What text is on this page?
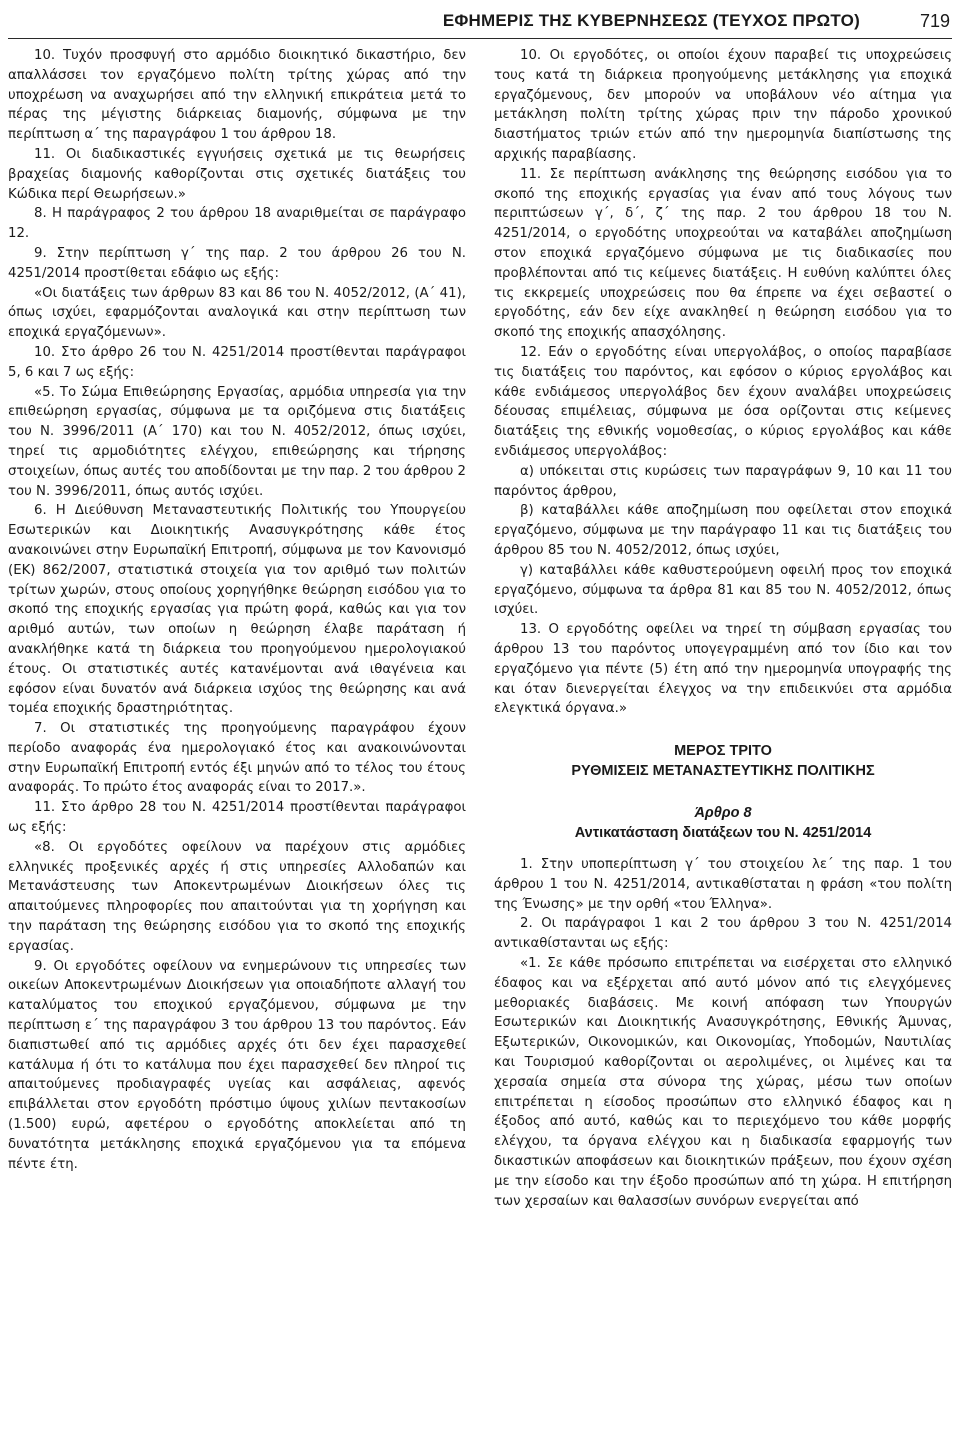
ΕΦΗΜΕΡΙΣ ΤΗΣ ΚΥΒΕΡΝΗΣΕΩΣ (ΤΕΥΧΟΣ ΠΡΩΤΟ)	719

10. Τυχόν προσφυγή στο αρμόδιο διοικητικό δικαστήριο, δεν απαλλάσσει τον εργαζόμενο πολίτη τρίτης χώρας από την υποχρέωση να αναχωρήσει από την ελληνική επικράτεια μετά το πέρας της μέγιστης διάρκειας διαμονής, σύμφωνα με την περίπτωση α΄ της παραγράφου 1 του άρθρου 18.

11. Οι διαδικαστικές εγγυήσεις σχετικά με τις θεωρήσεις βραχείας διαμονής καθορίζονται στις σχετικές διατάξεις του Κώδικα περί Θεωρήσεων.»

8. Η παράγραφος 2 του άρθρου 18 αναριθμείται σε παράγραφο 12.

9. Στην περίπτωση γ΄ της παρ. 2 του άρθρου 26 του Ν. 4251/2014 προστίθεται εδάφιο ως εξής:

«Οι διατάξεις των άρθρων 83 και 86 του Ν. 4052/2012, (Α΄ 41), όπως ισχύει, εφαρμόζονται αναλογικά και στην περίπτωση των εποχικά εργαζόμενων».

10. Στο άρθρο 26 του Ν. 4251/2014 προστίθενται παράγραφοι 5, 6 και 7 ως εξής:

«5. Το Σώμα Επιθεώρησης Εργασίας, αρμόδια υπηρεσία για την επιθεώρηση εργασίας, σύμφωνα με τα οριζόμενα στις διατάξεις του Ν. 3996/2011 (Α΄ 170) και του Ν. 4052/2012, όπως ισχύει, τηρεί τις αρμοδιότητες ελέγχου, επιθεώρησης και τήρησης στοιχείων, όπως αυτές του αποδίδονται με την παρ. 2 του άρθρου 2 του Ν. 3996/2011, όπως αυτός ισχύει.

6. Η Διεύθυνση Μεταναστευτικής Πολιτικής του Υπουργείου Εσωτερικών και Διοικητικής Ανασυγκρότησης κάθε έτος ανακοινώνει στην Ευρωπαϊκή Επιτροπή, σύμφωνα με τον Κανονισμό (ΕΚ) 862/2007, στατιστικά στοιχεία για τον αριθμό των πολιτών τρίτων χωρών, στους οποίους χορηγήθηκε θεώρηση εισόδου για το σκοπό της εποχικής εργασίας για πρώτη φορά, καθώς και για τον αριθμό αυτών, των οποίων η θεώρηση έλαβε παράταση ή ανακλήθηκε κατά τη διάρκεια του προηγούμενου ημερολογιακού έτους. Οι στατιστικές αυτές κατανέμονται ανά ιθαγένεια και εφόσον είναι δυνατόν ανά διάρκεια ισχύος της θεώρησης και ανά τομέα εποχικής δραστηριότητας.

7. Οι στατιστικές της προηγούμενης παραγράφου έχουν περίοδο αναφοράς ένα ημερολογιακό έτος και ανακοινώνονται στην Ευρωπαϊκή Επιτροπή εντός έξι μηνών από το τέλος του έτους αναφοράς. Το πρώτο έτος αναφοράς είναι το 2017.».

11. Στο άρθρο 28 του Ν. 4251/2014 προστίθενται παράγραφοι ως εξής:

«8. Οι εργοδότες οφείλουν να παρέχουν στις αρμόδιες ελληνικές προξενικές αρχές ή στις υπηρεσίες Αλλοδαπών και Μετανάστευσης των Αποκεντρωμένων Διοικήσεων όλες τις απαιτούμενες πληροφορίες που απαιτούνται για τη χορήγηση και την παράταση της θεώρησης εισόδου για το σκοπό της εποχικής εργασίας.

9. Οι εργοδότες οφείλουν να ενημερώνουν τις υπηρεσίες των οικείων Αποκεντρωμένων Διοικήσεων για οποιαδήποτε αλλαγή του καταλύματος του εποχικού εργαζόμενου, σύμφωνα με την περίπτωση ε΄ της παραγράφου 3 του άρθρου 13 του παρόντος. Εάν διαπιστωθεί από τις αρμόδιες αρχές ότι δεν έχει παρασχεθεί κατάλυμα ή ότι το κατάλυμα που έχει παρασχεθεί δεν πληροί τις απαιτούμενες προδιαγραφές υγείας και ασφάλειας, αφενός επιβάλλεται στον εργοδότη πρόστιμο ύψους χιλίων πεντακοσίων (1.500) ευρώ, αφετέρου ο εργοδότης αποκλείεται από τη δυνατότητα μετάκλησης εποχικά εργαζόμενου για τα επόμενα πέντε έτη.

10. Οι εργοδότες, οι οποίοι έχουν παραβεί τις υποχρεώσεις τους κατά τη διάρκεια προηγούμενης μετάκλησης για εποχικά εργαζόμενους, δεν μπορούν να υποβάλουν νέο αίτημα για μετάκληση πολίτη τρίτης χώρας πριν την πάροδο χρονικού διαστήματος τριών ετών από την ημερομηνία διαπίστωσης της αρχικής παραβίασης.

11. Σε περίπτωση ανάκλησης της θεώρησης εισόδου για το σκοπό της εποχικής εργασίας για έναν από τους λόγους των περιπτώσεων γ΄, δ΄, ζ΄ της παρ. 2 του άρθρου 18 του Ν. 4251/2014, ο εργοδότης υποχρεούται να καταβάλει αποζημίωση στον εποχικά εργαζόμενο σύμφωνα με τις διαδικασίες που προβλέπονται από τις κείμενες διατάξεις. Η ευθύνη καλύπτει όλες τις εκκρεμείς υποχρεώσεις που θα έπρεπε να έχει σεβαστεί ο εργοδότης, εάν δεν είχε ανακληθεί η θεώρηση εισόδου για το σκοπό της εποχικής απασχόλησης.

12. Εάν ο εργοδότης είναι υπεργολάβος, ο οποίος παραβίασε τις διατάξεις του παρόντος, και εφόσον ο κύριος εργολάβος και κάθε ενδιάμεσος υπεργολάβος δεν έχουν αναλάβει υποχρεώσεις δέουσας επιμέλειας, σύμφωνα με όσα ορίζονται στις κείμενες διατάξεις της εθνικής νομοθεσίας, ο κύριος εργολάβος και κάθε ενδιάμεσος υπεργολάβος:

α) υπόκειται στις κυρώσεις των παραγράφων 9, 10 και 11 του παρόντος άρθρου,

β) καταβάλλει κάθε αποζημίωση που οφείλεται στον εποχικά εργαζόμενο, σύμφωνα με την παράγραφο 11 και τις διατάξεις του άρθρου 85 του Ν. 4052/2012, όπως ισχύει,

γ) καταβάλλει κάθε καθυστερούμενη οφειλή προς τον εποχικά εργαζόμενο, σύμφωνα τα άρθρα 81 και 85 του Ν. 4052/2012, όπως ισχύει.

13. Ο εργοδότης οφείλει να τηρεί τη σύμβαση εργασίας του άρθρου 13 του παρόντος υπογεγραμμένη από τον ίδιο και τον εργαζόμενο για πέντε (5) έτη από την ημερομηνία υπογραφής της και όταν διενεργείται έλεγχος να την επιδεικνύει στα αρμόδια ελεγκτικά όργανα.»

ΜΕΡΟΣ ΤΡΙΤΟ
ΡΥΘΜΙΣΕΙΣ ΜΕΤΑΝΑΣΤΕΥΤΙΚΗΣ ΠΟΛΙΤΙΚΗΣ
Άρθρο 8
Αντικατάσταση διατάξεων του Ν. 4251/2014

1. Στην υποπερίπτωση γ΄ του στοιχείου λε΄ της παρ. 1 του άρθρου 1 του Ν. 4251/2014, αντικαθίσταται η φράση «του πολίτη της Ένωσης» με την ορθή «του Έλληνα».

2. Οι παράγραφοι 1 και 2 του άρθρου 3 του Ν. 4251/2014 αντικαθίστανται ως εξής:

«1. Σε κάθε πρόσωπο επιτρέπεται να εισέρχεται στο ελληνικό έδαφος και να εξέρχεται από αυτό μόνον από τις ελεγχόμενες μεθοριακές διαβάσεις. Με κοινή απόφαση των Υπουργών Εσωτερικών και Διοικητικής Ανασυγκρότησης, Εθνικής Άμυνας, Εξωτερικών, Οικονομικών, και Οικονομίας, Υποδομών, Ναυτιλίας και Τουρισμού καθορίζονται οι αερολιμένες, οι λιμένες και τα χερσαία σημεία στα σύνορα της χώρας, μέσω των οποίων επιτρέπεται η είσοδος προσώπων στο ελληνικό έδαφος και η έξοδος από αυτό, καθώς και το περιεχόμενο του κάθε μορφής ελέγχου, τα όργανα ελέγχου και η διαδικασία εφαρμογής των δικαστικών αποφάσεων και διοικητικών πράξεων, που έχουν σχέση με την είσοδο και την έξοδο προσώπων από τη χώρα. Η επιτήρηση των χερσαίων και θαλασσίων συνόρων ενεργείται από
